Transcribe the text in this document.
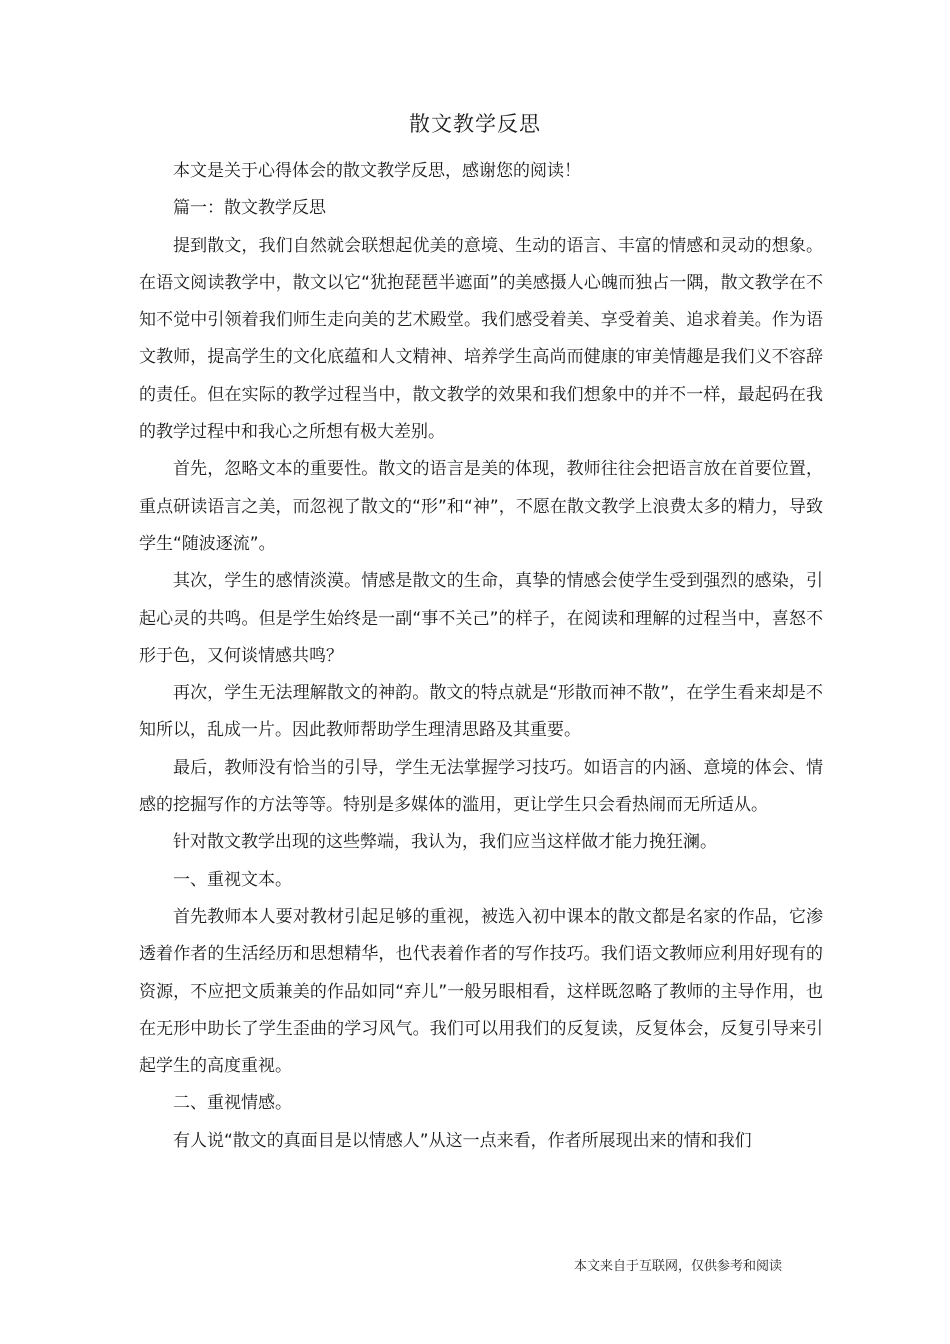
散文教学反思

本文是关于心得体会的散文教学反思，感谢您的阅读！

篇一：散文教学反思

提到散文，我们自然就会联想起优美的意境、生动的语言、丰富的情感和灵动的想象。在语文阅读教学中，散文以它“犹抱琵琶半遮面”的美感摄人心魄而独占一隅，散文教学在不知不觉中引领着我们师生走向美的艺术殿堂。我们感受着美、享受着美、追求着美。作为语文教师，提高学生的文化底蕴和人文精神、培养学生高尚而健康的审美情趣是我们义不容辞的责任。但在实际的教学过程当中，散文教学的效果和我们想象中的并不一样，最起码在我的教学过程中和我心之所想有极大差别。

首先，忽略文本的重要性。散文的语言是美的体现，教师往往会把语言放在首要位置，重点研读语言之美，而忽视了散文的“形”和“神”，不愿在散文教学上浪费太多的精力，导致学生“随波逐流”。

其次，学生的感情淡漠。情感是散文的生命，真挚的情感会使学生受到强烈的感染，引起心灵的共鸣。但是学生始终是一副“事不关己”的样子，在阅读和理解的过程当中，喜怒不形于色，又何谈情感共鸣？

再次，学生无法理解散文的神韵。散文的特点就是“形散而神不散”，在学生看来却是不知所以，乱成一片。因此教师帮助学生理清思路及其重要。

最后，教师没有恰当的引导，学生无法掌握学习技巧。如语言的内涵、意境的体会、情感的挖掘写作的方法等等。特别是多媒体的滥用，更让学生只会看热闹而无所适从。

针对散文教学出现的这些弊端，我认为，我们应当这样做才能力挽狂澜。

一、重视文本。

首先教师本人要对教材引起足够的重视，被选入初中课本的散文都是名家的作品，它渗透着作者的生活经历和思想精华，也代表着作者的写作技巧。我们语文教师应利用好现有的资源，不应把文质兼美的作品如同“弃儿”一般另眼相看，这样既忽略了教师的主导作用，也在无形中助长了学生歪曲的学习风气。我们可以用我们的反复读，反复体会，反复引导来引起学生的高度重视。

二、重视情感。

有人说“散文的真面目是以情感人”从这一点来看，作者所展现出来的情和我们

本文来自于互联网，仅供参考和阅读
